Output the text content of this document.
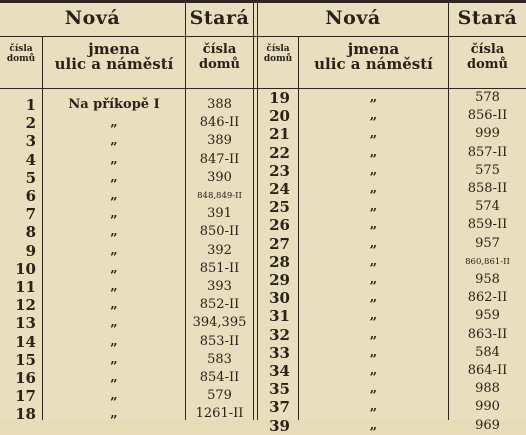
Nová	Stará
čísla
domů
jmena
ulic a náměstí
čísla
domů
Nová	Stará
čísla
domů
jmena
ulic a náměstí
čísla
domů
1	Na příkopě I	388
2	„	846-II
3	„	389
4	„	847-II
5	„	390
6	„	848,849-II
7	„	391
8	„	850-II
9	„	392
10	„	851-II
11	„	393
12	„	852-II
13	„	394,395
14	„	853-II
15	„	583
16	„	854-II
17	„	579
18	„	1261-II
19	„	578
20	„	856-II
21	„	999
22	„	857-II
23	„	575
24	„	858-II
25	„	574
26	„	859-II
27	„	957
28	„	860,861-II
29	„	958
30	„	862-II
31	„	959
32	„	863-II
33	„	584
34	„	864-II
35	„	988
37	„	990
39	„	969
